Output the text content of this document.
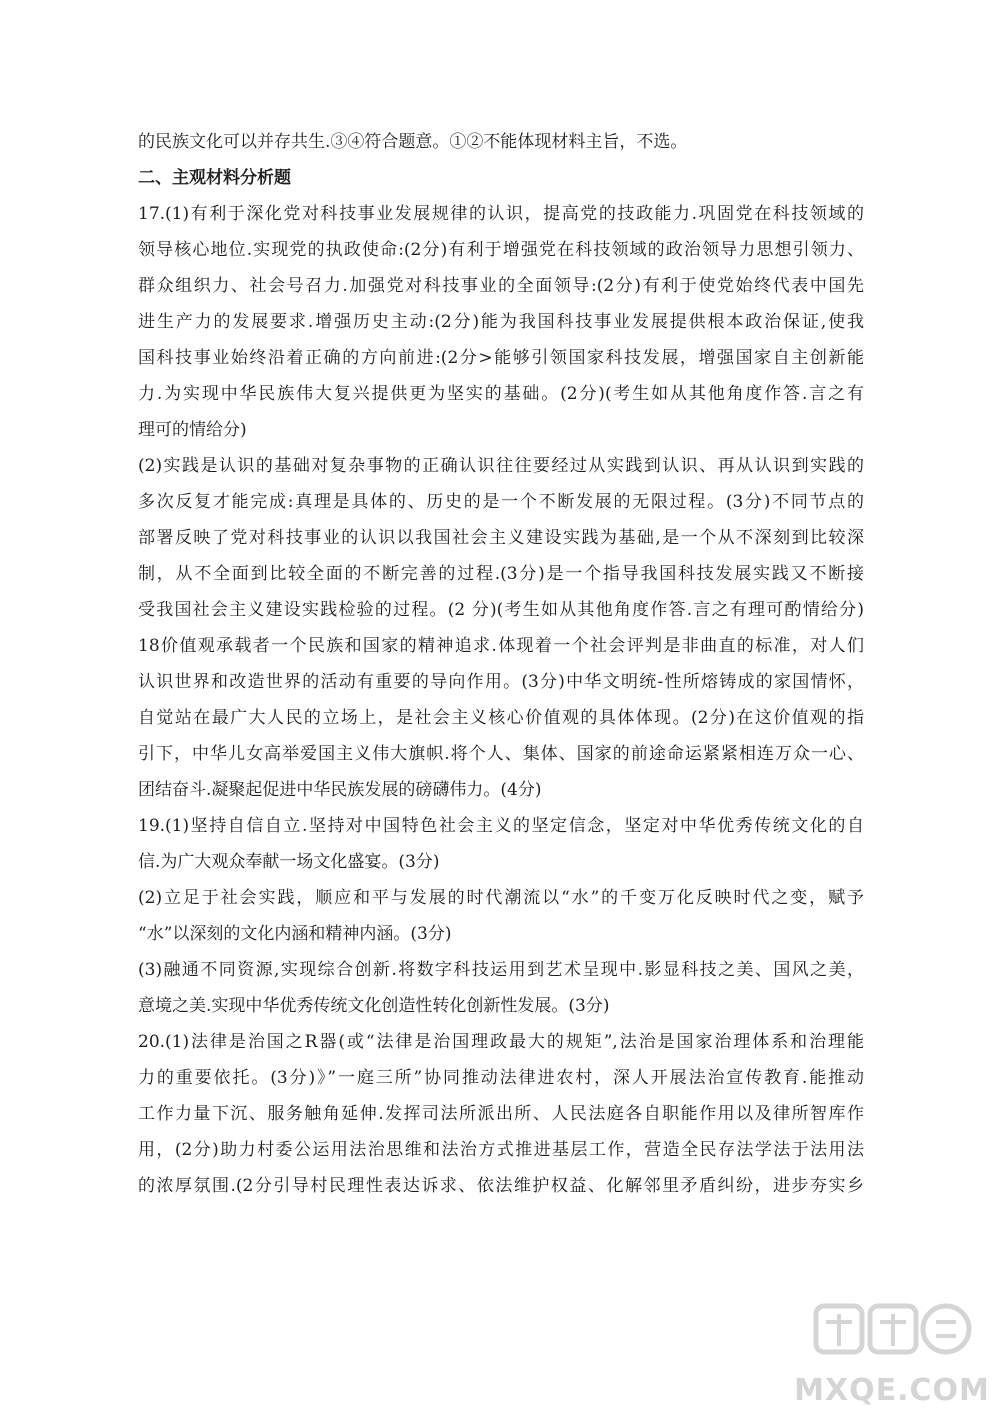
的民族文化可以并存共生.③④符合题意。①②不能体现材料主旨，不选。
二、主观材料分析题
17.(1)有利于深化党对科技事业发展规律的认识，提高党的技政能力.巩固党在科技领域的
领导核心地位.实现党的执政使命:(2分)有利于增强党在科技领域的政治领导力思想引领力、
群众组织力、社会号召力.加强党对科技事业的全面领导:(2分)有利于使党始终代表中国先
进生产力的发展要求.增强历史主动:(2分)能为我国科技事业发展提供根本政治保证,使我
国科技事业始终沿着正确的方向前进:(2分>能够引领国家科技发展，增强国家自主创新能
力.为实现中华民族伟大复兴提供更为坚实的基础。(2分)(考生如从其他角度作答.言之有
理可的情给分)
(2)实践是认识的基础对复杂事物的正确认识往往要经过从实践到认识、再从认识到实践的
多次反复才能完成:真理是具体的、历史的是一个不断发展的无限过程。(3分)不同节点的
部署反映了党对科技事业的认识以我国社会主义建设实践为基础,是一个从不深刻到比较深
制，从不全面到比较全面的不断完善的过程.(3分)是一个指导我国科技发展实践又不断接
受我国社会主义建设实践检验的过程。(2 分)(考生如从其他角度作答.言之有理可酌情给分)
18价值观承载者一个民族和国家的精神追求.体现着一个社会评判是非曲直的标准，对人们
认识世界和改造世界的活动有重要的导向作用。(3分)中华文明统-性所熔铸成的家国情怀，
自觉站在最广大人民的立场上，是社会主义核心价值观的具体体现。(2分)在这价值观的指
引下，中华儿女高举爱国主义伟大旗帜.将个人、集体、国家的前途命运紧紧相连万众一心、
团结奋斗.凝聚起促进中华民族发展的磅礴伟力。(4分)
19.(1)坚持自信自立.坚持对中国特色社会主义的坚定信念，坚定对中华优秀传统文化的自
信.为广大观众奉献一场文化盛宴。(3分)
(2)立足于社会实践，顺应和平与发展的时代潮流以“水”的千变万化反映时代之变，赋予
“水”以深刻的文化内涵和精神内涵。(3分)
(3)融通不同资源,实现综合创新.将数字科技运用到艺术呈现中.影显科技之美、国风之美，
意境之美.实现中华优秀传统文化创造性转化创新性发展。(3分)
20.(1)法律是治国之R器(或“法律是治国理政最大的规矩”,法治是国家治理体系和治理能
力的重要依托。(3分)》”一庭三所”协同推动法律进农村，深人开展法治宣传教育.能推动
工作力量下沉、服务触角延伸.发挥司法所派出所、人民法庭各自职能作用以及律所智库作
用，(2分)助力村委公运用法治思维和法治方式推进基层工作，营造全民存法学法于法用法
的浓厚氛围.(2分引导村民理性表达诉求、依法维护权益、化解邻里矛盾纠纷，进步夯实乡
MXQE.COM
